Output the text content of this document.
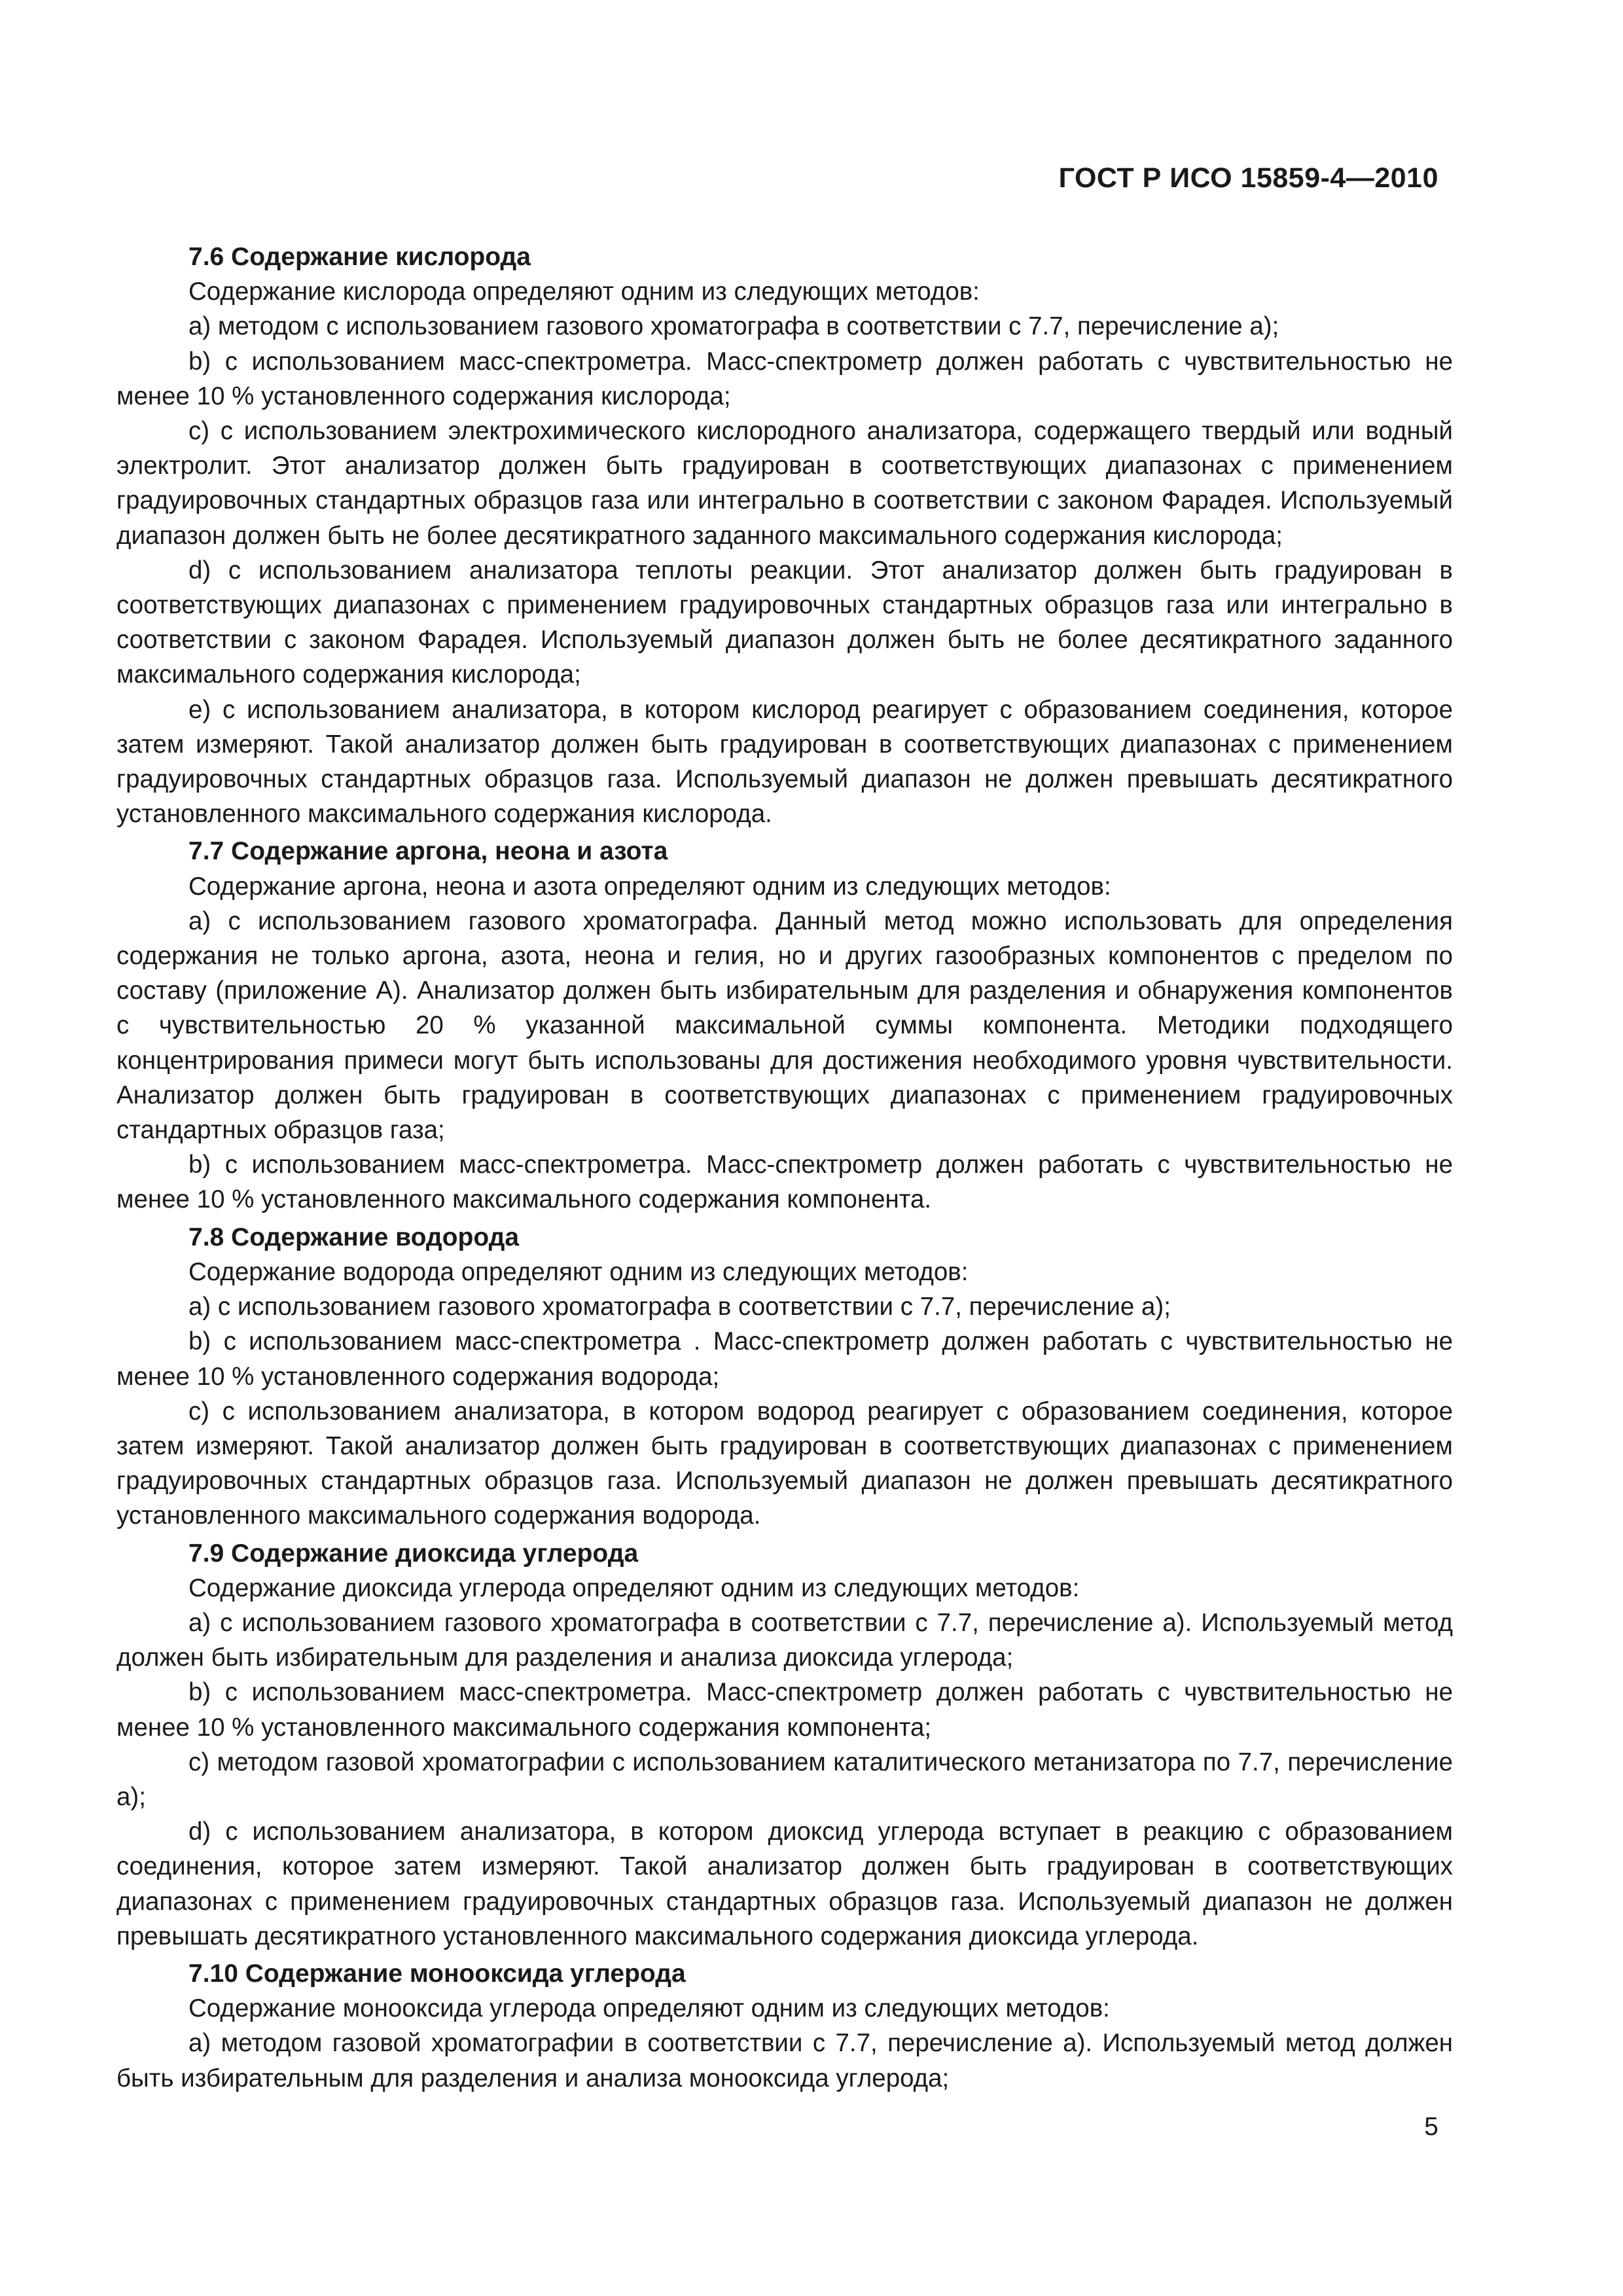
ГОСТ Р ИСО 15859-4—2010
7.6 Содержание кислорода

Содержание кислорода определяют одним из следующих методов:

a) методом с использованием газового хроматографа в соответствии с 7.7, перечисление а);

b) с использованием масс-спектрометра. Масс-спектрометр должен работать с чувствительностью не менее 10 % установленного содержания кислорода;

c) с использованием электрохимического кислородного анализатора, содержащего твердый или водный электролит. Этот анализатор должен быть градуирован в соответствующих диапазонах с применением градуировочных стандартных образцов газа или интегрально в соответствии с законом Фарадея. Используемый диапазон должен быть не более десятикратного заданного максимального содержания кислорода;

d) с использованием анализатора теплоты реакции. Этот анализатор должен быть градуирован в соответствующих диапазонах с применением градуировочных стандартных образцов газа или интегрально в соответствии с законом Фарадея. Используемый диапазон должен быть не более десятикратного заданного максимального содержания кислорода;

e) с использованием анализатора, в котором кислород реагирует с образованием соединения, которое затем измеряют. Такой анализатор должен быть градуирован в соответствующих диапазонах с применением градуировочных стандартных образцов газа. Используемый диапазон не должен превышать десятикратного установленного максимального содержания кислорода.

7.7 Содержание аргона, неона и азота

Содержание аргона, неона и азота определяют одним из следующих методов:

a) с использованием газового хроматографа. Данный метод можно использовать для определения содержания не только аргона, азота, неона и гелия, но и других газообразных компонентов с пределом по составу (приложение А). Анализатор должен быть избирательным для разделения и обнаружения компонентов с чувствительностью 20 % указанной максимальной суммы компонента. Методики подходящего концентрирования примеси могут быть использованы для достижения необходимого уровня чувствительности. Анализатор должен быть градуирован в соответствующих диапазонах с применением градуировочных стандартных образцов газа;

b) с использованием масс-спектрометра. Масс-спектрометр должен работать с чувствительностью не менее 10 % установленного максимального содержания компонента.

7.8 Содержание водорода

Содержание водорода определяют одним из следующих методов:

a) с использованием газового хроматографа в соответствии с 7.7, перечисление а);

b) с использованием масс-спектрометра . Масс-спектрометр должен работать с чувствительностью не менее 10 % установленного содержания водорода;

c) с использованием анализатора, в котором водород реагирует с образованием соединения, которое затем измеряют. Такой анализатор должен быть градуирован в соответствующих диапазонах с применением градуировочных стандартных образцов газа. Используемый диапазон не должен превышать десятикратного установленного максимального содержания водорода.

7.9 Содержание диоксида углерода

Содержание диоксида углерода определяют одним из следующих методов:

a) с использованием газового хроматографа в соответствии с 7.7, перечисление а). Используемый метод должен быть избирательным для разделения и анализа диоксида углерода;

b) с использованием масс-спектрометра. Масс-спектрометр должен работать с чувствительностью не менее 10 % установленного максимального содержания компонента;

c) методом газовой хроматографии с использованием каталитического метанизатора по 7.7, перечисление а);

d) с использованием анализатора, в котором диоксид углерода вступает в реакцию с образованием соединения, которое затем измеряют. Такой анализатор должен быть градуирован в соответствующих диапазонах с применением градуировочных стандартных образцов газа. Используемый диапазон не должен превышать десятикратного установленного максимального содержания диоксида углерода.

7.10 Содержание монооксида углерода

Содержание монооксида углерода определяют одним из следующих методов:

a) методом газовой хроматографии в соответствии с 7.7, перечисление а). Используемый метод должен быть избирательным для разделения и анализа монооксида углерода;

5
